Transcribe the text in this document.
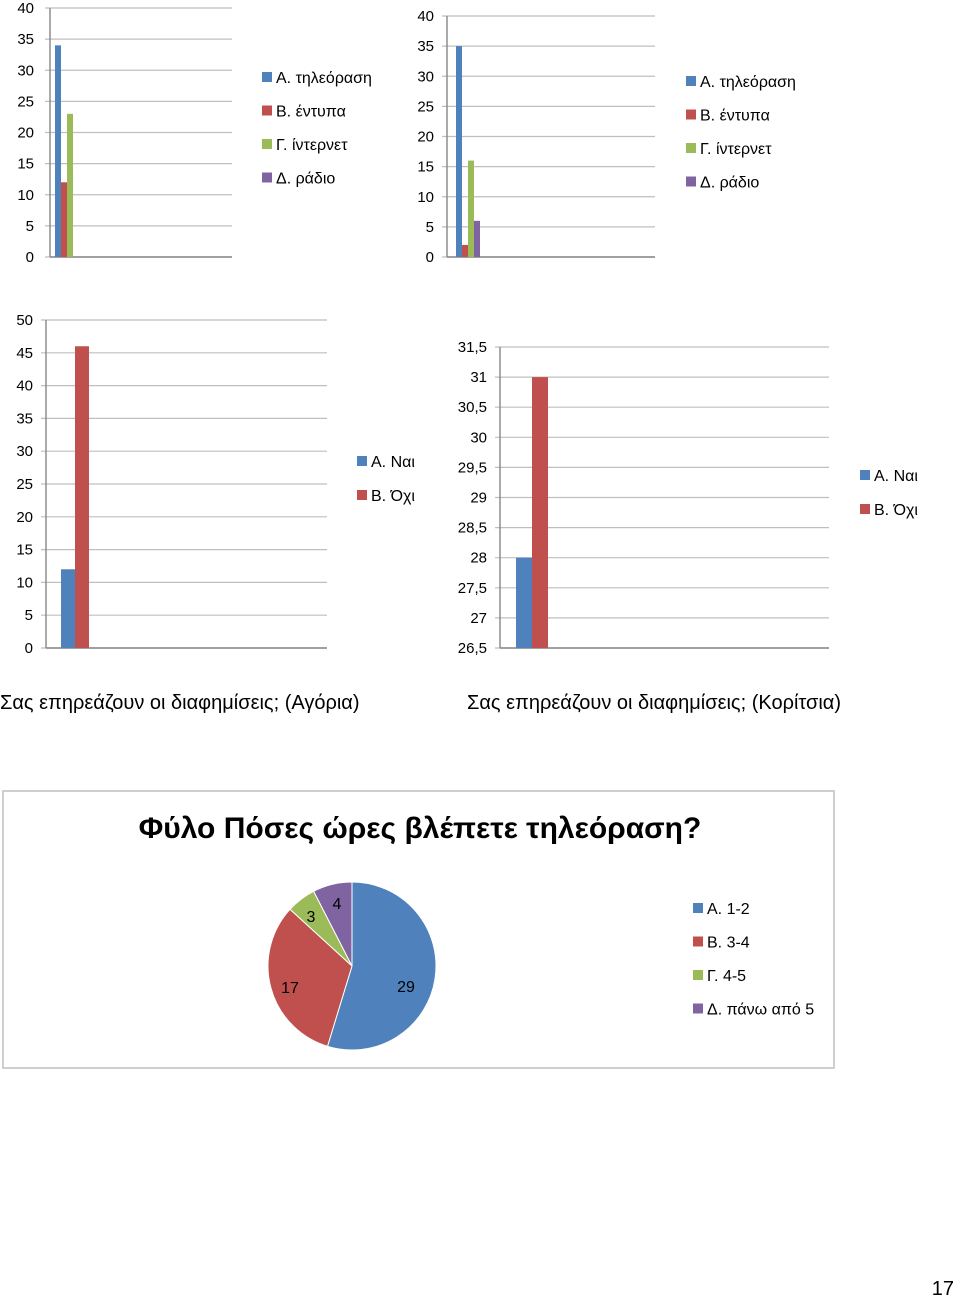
0
5
10
15
20
25
30
35
40
Α. τηλεόραση
Β. έντυπα
Γ. ίντερνετ
Δ. ράδιο
0
5
10
15
20
25
30
35
40
Α. τηλεόραση
Β. έντυπα
Γ. ίντερνετ
Δ. ράδιο
0
5
10
15
20
25
30
35
40
45
50
Α. Ναι
Β. Όχι
26,5
27
27,5
28
28,5
29
29,5
30
30,5
31
31,5
Α. Ναι
Β. Όχι
Φύλο Πόσες ώρες βλέπετε τηλεόραση?
29
17
3
4	Α. 1-2
Β. 3-4
Γ. 4-5
Δ. πάνω από 5
Σας επηρεάζουν οι διαφημίσεις; (Αγόρια)	Σας επηρεάζουν οι διαφημίσεις; (Κορίτσια)
17
